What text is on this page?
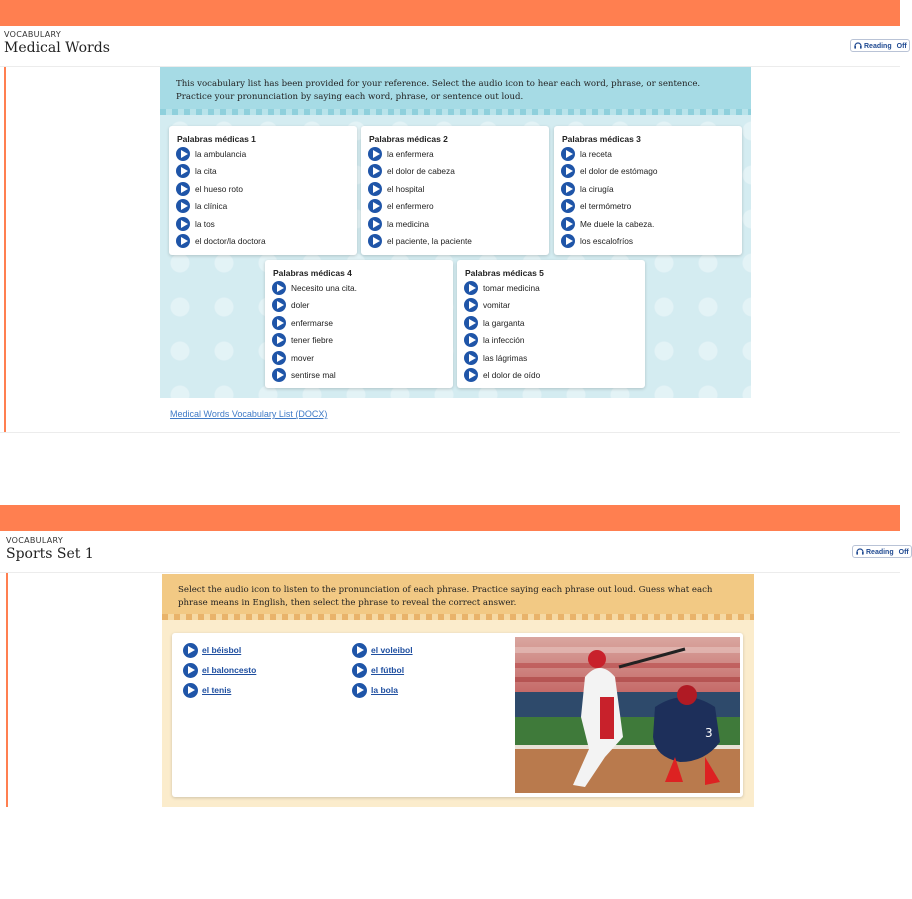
VOCABULARY
Medical Words	Reading Off
This vocabulary list has been provided for your reference. Select the audio icon to hear each word, phrase, or sentence. Practice your pronunciation by saying each word, phrase, or sentence out loud.
Palabras médicas 1
la ambulancia
la cita
el hueso roto
la clínica
la tos
el doctor/la doctora
Palabras médicas 2
la enfermera
el dolor de cabeza
el hospital
el enfermero
la medicina
el paciente, la paciente
Palabras médicas 3
la receta
el dolor de estómago
la cirugía
el termómetro
Me duele la cabeza.
los escalofríos
Palabras médicas 4
Necesito una cita.
doler
enfermarse
tener fiebre
mover
sentirse mal
Palabras médicas 5
tomar medicina
vomitar
la garganta
la infección
las lágrimas
el dolor de oído
Medical Words Vocabulary List (DOCX)
VOCABULARY
Sports Set 1	Reading Off
Select the audio icon to listen to the pronunciation of each phrase. Practice saying each phrase out loud. Guess what each phrase means in English, then select the phrase to reveal the correct answer.
el béisbol
el baloncesto
el tenis
el voleibol
el fútbol
la bola
3
